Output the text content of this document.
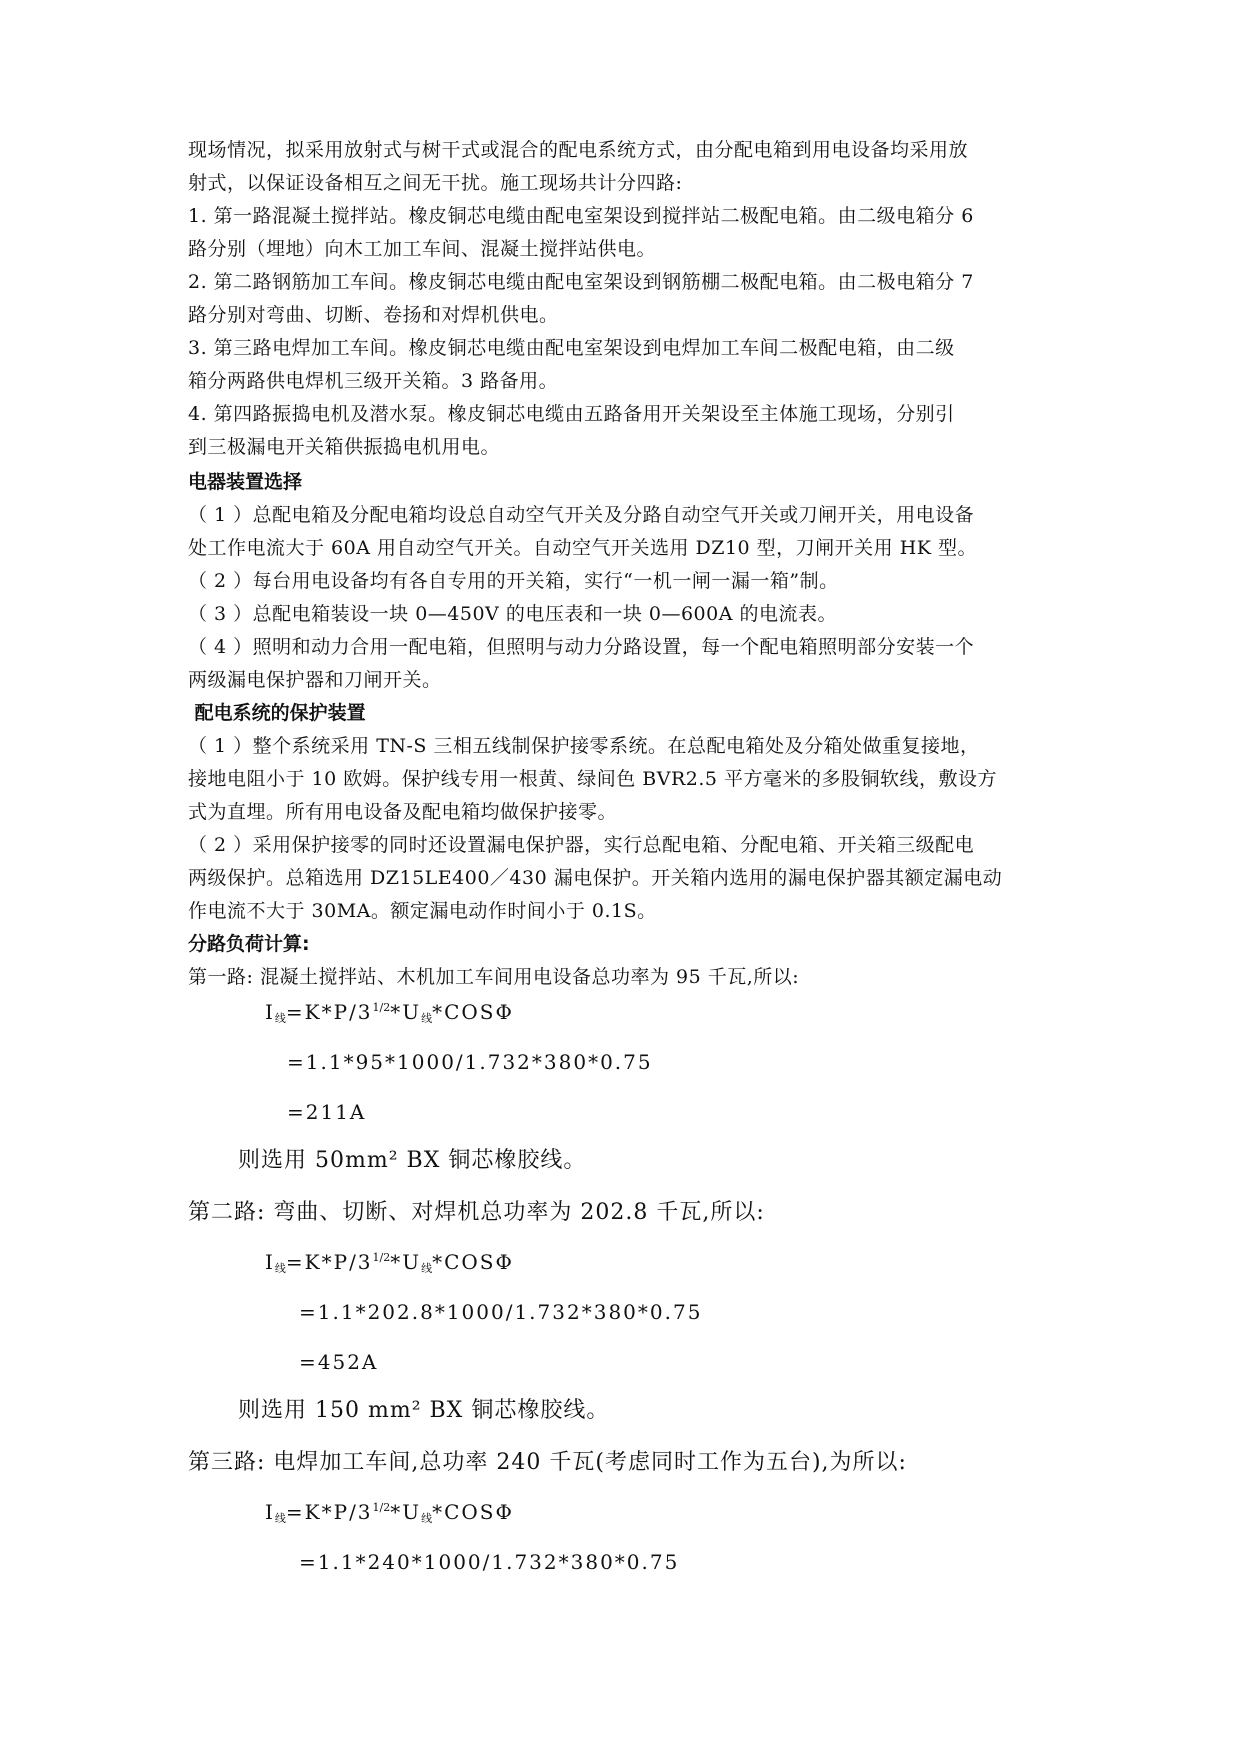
现场情况，拟采用放射式与树干式或混合的配电系统方式，由分配电箱到用电设备均采用放
射式，以保证设备相互之间无干扰。施工现场共计分四路:
1. 第一路混凝土搅拌站。橡皮铜芯电缆由配电室架设到搅拌站二极配电箱。由二级电箱分 6
路分别（埋地）向木工加工车间、混凝土搅拌站供电。
2. 第二路钢筋加工车间。橡皮铜芯电缆由配电室架设到钢筋棚二极配电箱。由二极电箱分 7
路分别对弯曲、切断、卷扬和对焊机供电。
3. 第三路电焊加工车间。橡皮铜芯电缆由配电室架设到电焊加工车间二极配电箱，由二级
箱分两路供电焊机三级开关箱。3 路备用。
4. 第四路振捣电机及潜水泵。橡皮铜芯电缆由五路备用开关架设至主体施工现场，分别引
到三极漏电开关箱供振捣电机用电。
电器装置选择
（ 1 ）总配电箱及分配电箱均设总自动空气开关及分路自动空气开关或刀闸开关，用电设备
处工作电流大于 60A 用自动空气开关。自动空气开关选用 DZ10 型，刀闸开关用 HK 型。
（ 2 ）每台用电设备均有各自专用的开关箱，实行“一机一闸一漏一箱”制。
（ 3 ）总配电箱装设一块 0—450V 的电压表和一块 0—600A 的电流表。
（ 4 ）照明和动力合用一配电箱，但照明与动力分路设置，每一个配电箱照明部分安装一个
两级漏电保护器和刀闸开关。
配电系统的保护装置
（ 1 ）整个系统采用 TN-S 三相五线制保护接零系统。在总配电箱处及分箱处做重复接地，
接地电阻小于 10 欧姆。保护线专用一根黄、绿间色 BVR2.5 平方毫米的多股铜软线，敷设方
式为直埋。所有用电设备及配电箱均做保护接零。
（ 2 ）采用保护接零的同时还设置漏电保护器，实行总配电箱、分配电箱、开关箱三级配电
两级保护。总箱选用 DZ15LE400／430 漏电保护。开关箱内选用的漏电保护器其额定漏电动
作电流不大于 30MA。额定漏电动作时间小于 0.1S。
分路负荷计算:
第一路: 混凝土搅拌站、木机加工车间用电设备总功率为 95 千瓦,所以:
$I_线=K*P/3^{1/2}*U_线*COS\Phi$
=1.1*95*1000/1.732*380*0.75
=211A
则选用 50mm² BX 铜芯橡胶线。
第二路: 弯曲、切断、对焊机总功率为 202.8 千瓦,所以:
$I_线=K*P/3^{1/2}*U_线*COS\Phi$
=1.1*202.8*1000/1.732*380*0.75
=452A
则选用 150 mm² BX 铜芯橡胶线。
第三路: 电焊加工车间,总功率 240 千瓦(考虑同时工作为五台),为所以:
$I_线=K*P/3^{1/2}*U_线*COS\Phi$
=1.1*240*1000/1.732*380*0.75
